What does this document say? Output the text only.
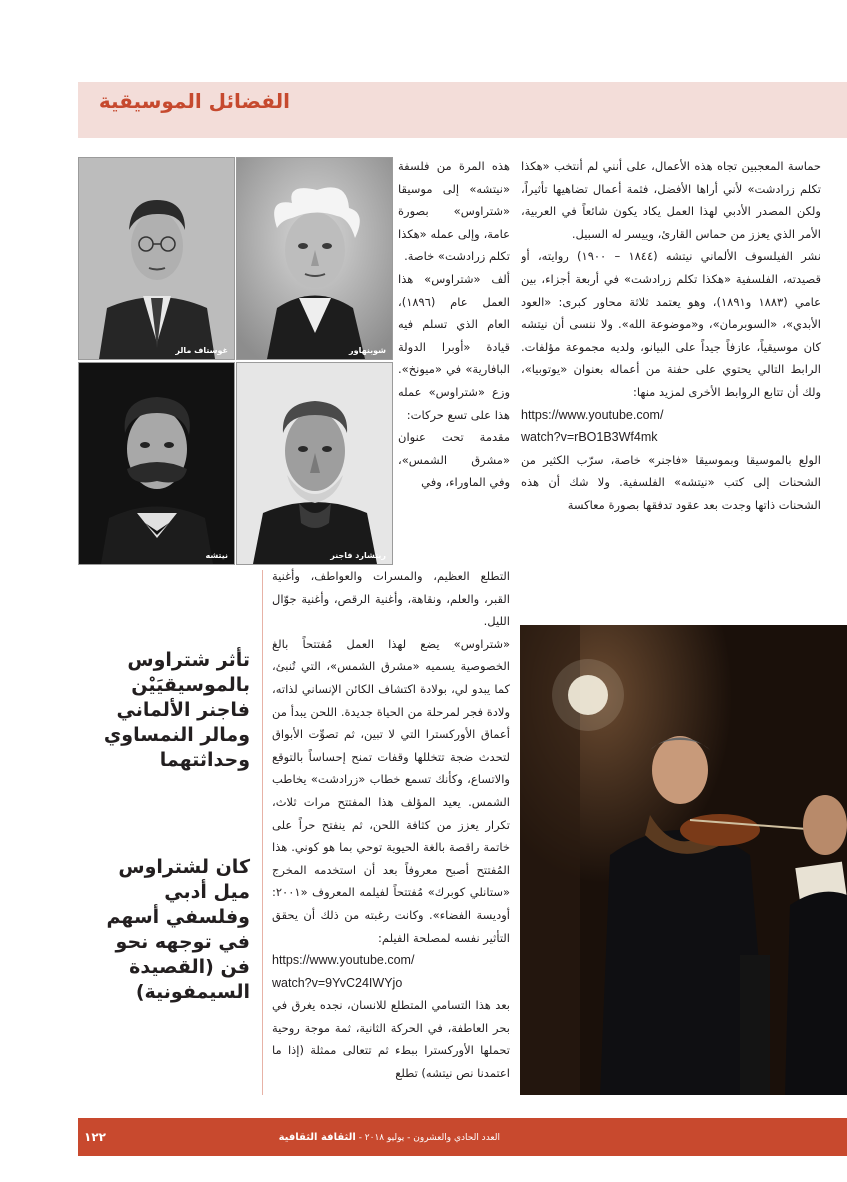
الفضائل الموسيقية

حماسة المعجبين تجاه هذه الأعمال، على أنني لم أنتخب «هكذا تكلم زرادشت» لأني أراها الأفضل، فثمة أعمال تضاهيها تأثيراً، ولكن المصدر الأدبي لهذا العمل يكاد يكون شائعاً في العربية، الأمر الذي يعزز من حماس القارئ، وييسر له السبيل.

نشر الفيلسوف الألماني نيتشه (١٨٤٤ – ١٩٠٠) روايته، أو قصيدته، الفلسفية «هكذا تكلم زرادشت» في أربعة أجزاء، بين عامي (١٨٨٣ و١٨٩١)، وهو يعتمد ثلاثة محاور كبرى: «العود الأبدي»، «السوبرمان»، و«موضوعة الله». ولا ننسى أن نيتشه كان موسيقياً، عازفاً جيداً على البيانو، ولديه مجموعة مؤلفات. الرابط التالي يحتوي على حفنة من أعماله بعنوان «يوتوبيا»، ولك أن تتابع الروابط الأخرى لمزيد منها:

https://www.youtube.com/
watch?v=rBO1B3Wf4mk

الولع بالموسيقا وبموسيقا «فاجنر» خاصة، سرّب الكثير من الشحنات إلى كتب «نيتشه» الفلسفية. ولا شك أن هذه الشحنات ذاتها وجدت بعد عقود تدفقها بصورة معاكسة

هذه المرة من فلسفة «نيتشه» إلى موسيقا «شتراوس» بصورة عامة، وإلى عمله «هكذا تكلم زرادشت» خاصة.

ألف «شتراوس» هذا العمل عام (١٨٩٦)، العام الذي تسلم فيه قيادة «أوبرا الدولة البافارية» في «ميونخ». وزع «شتراوس» عمله هذا على تسع حركات:

مقدمة تحت عنوان «مشرق الشمس»، وفي الماوراء، وفي

التطلع العظيم، والمسرات والعواطف، وأغنية القبر، والعلم، ونقاهة، وأغنية الرقص، وأغنية جوّال الليل.

«شتراوس» يضع لهذا العمل مُفتتحاً بالغ الخصوصية يسميه «مشرق الشمس»، التي تُنبئ، كما يبدو لي، بولادة اكتشاف الكائن الإنساني لذاته، ولادة فجر لمرحلة من الحياة جديدة. اللحن يبدأ من أعماق الأوركسترا التي لا تبين، ثم تصوِّت الأبواق لتحدث ضجة تتخللها وقفات تمنح إحساساً بالتوقع والاتساع، وكأنك تسمع خطاب «زرادشت» يخاطب الشمس. يعيد المؤلف هذا المفتتح مرات ثلاث، تكرار يعزز من كثافة اللحن، ثم ينفتح حراً على خاتمة راقصة بالغة الحيوية توحي بما هو كوني. هذا المُفتتح أصبح معروفاً بعد أن استخدمه المخرج «ستانلي كوبرك» مُفتتحاً لفيلمه المعروف «٢٠٠١: أوديسة الفضاء». وكانت رغبته من ذلك أن يحقق التأثير نفسه لمصلحة الفيلم:

https://www.youtube.com/
watch?v=9YvC24IWYjo

بعد هذا التسامي المتطلع للانسان، نجده يغرق في بحر العاطفة، في الحركة الثانية، ثمة موجة روحية تحملها الأوركسترا ببطء ثم تتعالى ممثلة (إذا ما اعتمدنا نص نيتشه) تطلع

شوبنهاور
غوستاف مالر
ريتشارد فاجنر
نيتشه
تأثر شتراوس بالموسيقيَيْن فاجنر الألماني ومالر النمساوي وحداثتهما
كان لشتراوس ميل أدبي وفلسفي أسهم في توجهه نحو فن (القصيدة السيمفونية)
العدد الحادي والعشرون - يوليو ٢٠١٨ - الثقافة الثقافية
١٢٢
